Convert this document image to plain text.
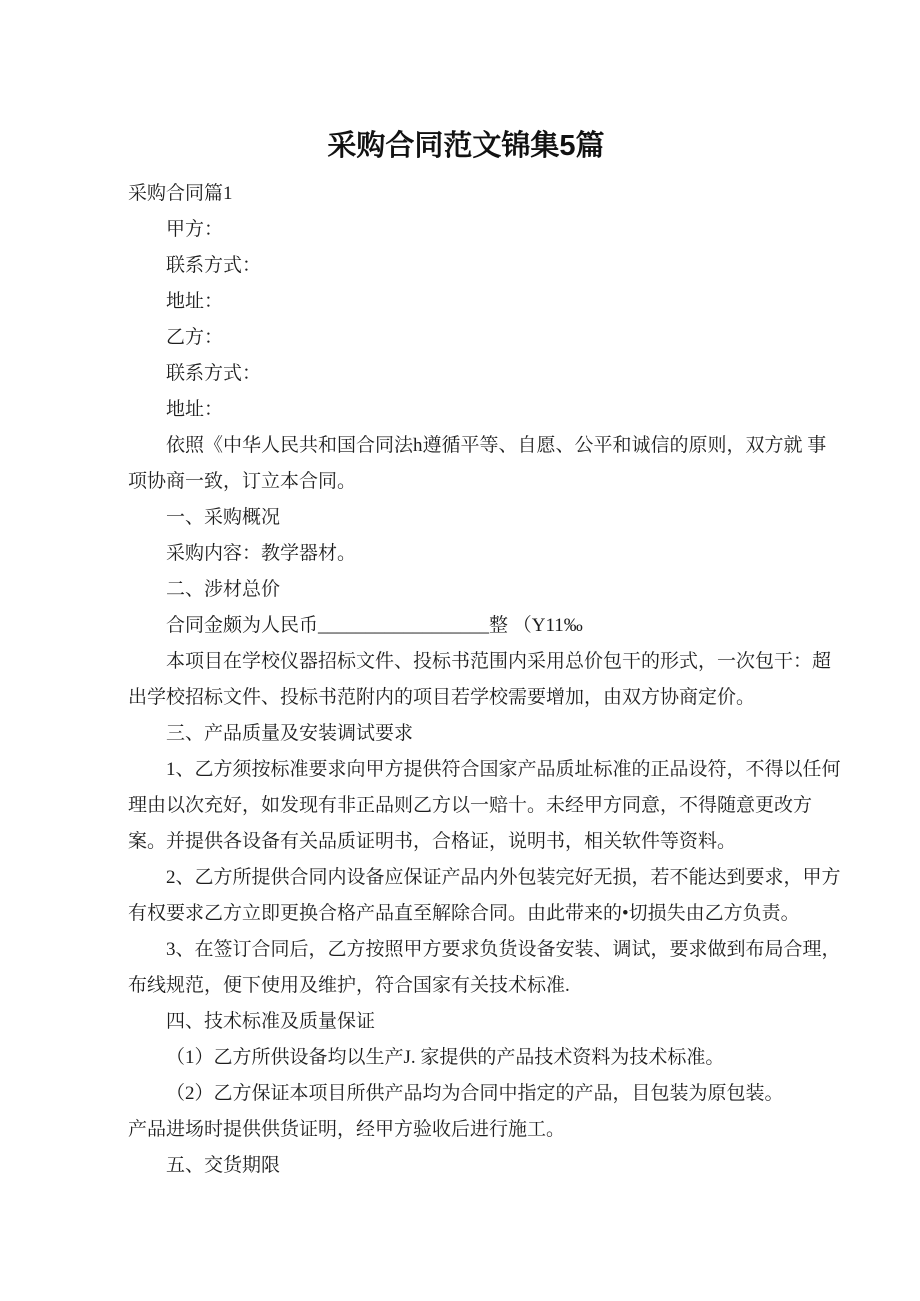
采购合同范文锦集5篇
采购合同篇1
甲方：
联系方式：
地址：
乙方：
联系方式：
地址：
依照《中华人民共和国合同法h遵循平等、自愿、公平和诚信的原则，双方就 事
项协商一致，订立本合同。
一、采购概况
采购内容：教学器材。
二、涉材总价
合同金颇为人民币__________________整 （Y11‰
本项目在学校仪器招标文件、投标书范围内采用总价包干的形式，一次包干：超
出学校招标文件、投标书范附内的项目若学校需要增加，由双方协商定价。
三、产品质量及安装调试要求
1、乙方须按标准要求向甲方提供符合国家产品质址标准的正品设符，不得以任何
理由以次充好，如发现有非正品则乙方以一赔十。未经甲方同意，不得随意更改方
案。并提供各设备有关品质证明书，合格证，说明书，相关软件等资料。
2、乙方所提供合同内设备应保证产品内外包装完好无损，若不能达到要求，甲方
有权要求乙方立即更换合格产品直至解除合同。由此带来的•切损失由乙方负责。
3、在签订合同后，乙方按照甲方要求负货设备安装、调试，要求做到布局合理，
布线规范，便下使用及维护，符合国家有关技术标准.
四、技术标准及质量保证
（1）乙方所供设备均以生产J. 家提供的产品技术资料为技术标准。
（2）乙方保证本项目所供产品均为合同中指定的产品，目包装为原包装。
产品进场时提供供货证明，经甲方验收后进行施工。
五、交货期限
